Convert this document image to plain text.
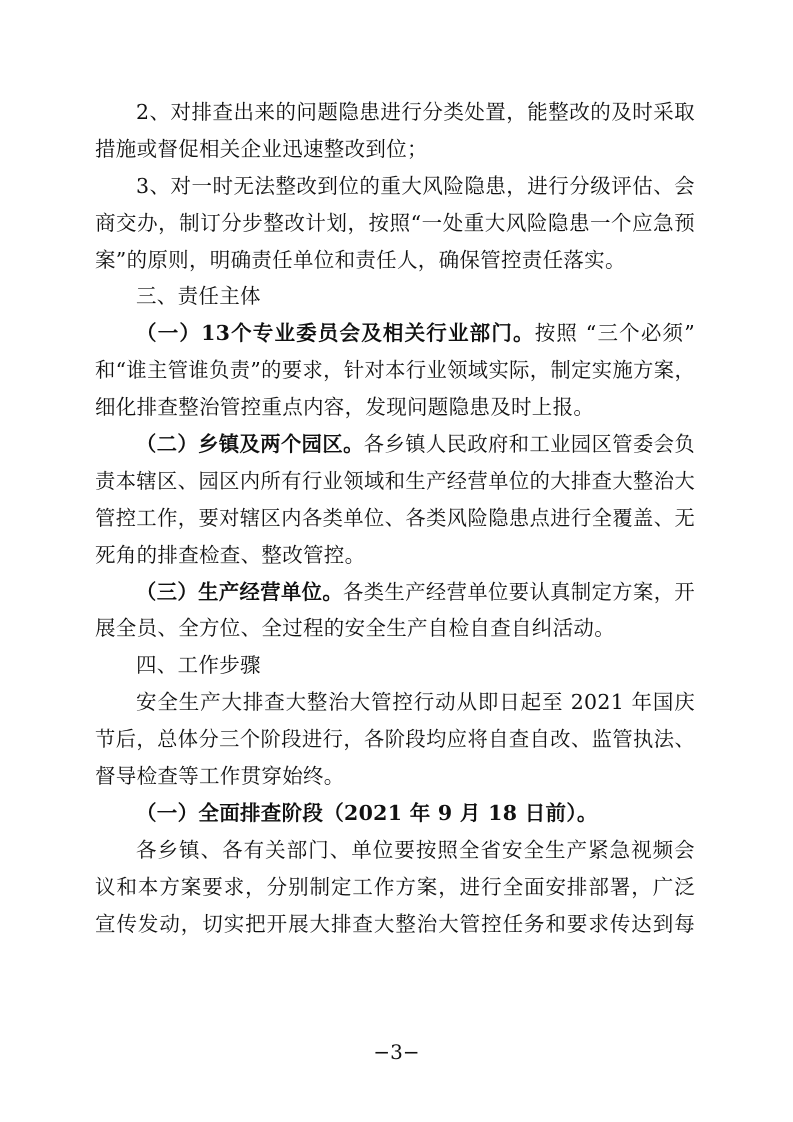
2、对排查出来的问题隐患进行分类处置，能整改的及时采取
措施或督促相关企业迅速整改到位；
3、对一时无法整改到位的重大风险隐患，进行分级评估、会
商交办，制订分步整改计划，按照“一处重大风险隐患一个应急预
案”的原则，明确责任单位和责任人，确保管控责任落实。
三、责任主体
（一）13个专业委员会及相关行业部门。按照 “三个必须”
和“谁主管谁负责”的要求，针对本行业领域实际，制定实施方案，
细化排查整治管控重点内容，发现问题隐患及时上报。
（二）乡镇及两个园区。各乡镇人民政府和工业园区管委会负
责本辖区、园区内所有行业领域和生产经营单位的大排查大整治大
管控工作，要对辖区内各类单位、各类风险隐患点进行全覆盖、无
死角的排查检查、整改管控。
（三）生产经营单位。各类生产经营单位要认真制定方案，开
展全员、全方位、全过程的安全生产自检自查自纠活动。
四、工作步骤
安全生产大排查大整治大管控行动从即日起至 2021 年国庆
节后，总体分三个阶段进行，各阶段均应将自查自改、监管执法、
督导检查等工作贯穿始终。
（一）全面排查阶段（2021 年 9 月 18 日前）。
各乡镇、各有关部门、单位要按照全省安全生产紧急视频会
议和本方案要求，分别制定工作方案，进行全面安排部署，广泛
宣传发动，切实把开展大排查大整治大管控任务和要求传达到每
−3−
